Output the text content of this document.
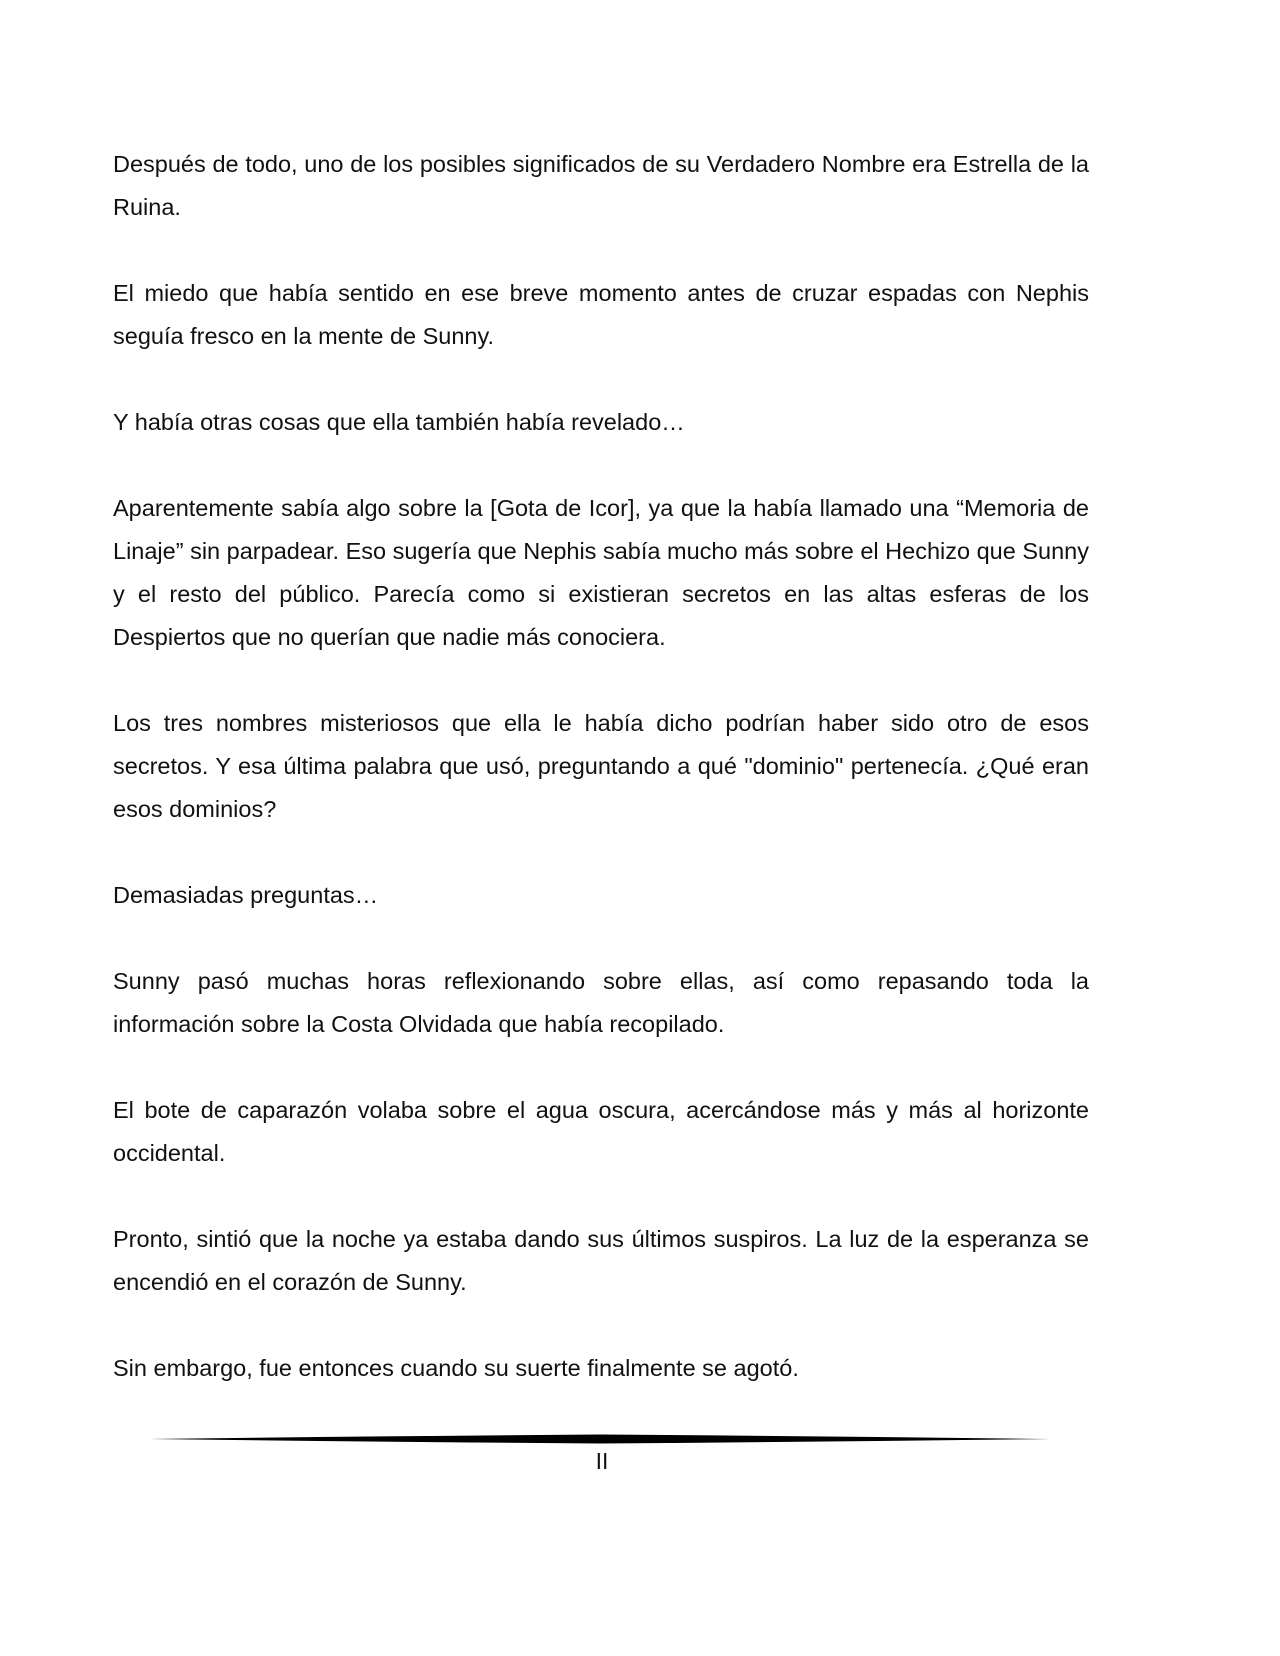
Después de todo, uno de los posibles significados de su Verdadero Nombre era Estrella de la Ruina.

El miedo que había sentido en ese breve momento antes de cruzar espadas con Nephis seguía fresco en la mente de Sunny.

Y había otras cosas que ella también había revelado…

Aparentemente sabía algo sobre la [Gota de Icor], ya que la había llamado una “Memoria de Linaje” sin parpadear. Eso sugería que Nephis sabía mucho más sobre el Hechizo que Sunny y el resto del público. Parecía como si existieran secretos en las altas esferas de los Despiertos que no querían que nadie más conociera.

Los tres nombres misteriosos que ella le había dicho podrían haber sido otro de esos secretos. Y esa última palabra que usó, preguntando a qué "dominio" pertenecía. ¿Qué eran esos dominios?

Demasiadas preguntas…

Sunny pasó muchas horas reflexionando sobre ellas, así como repasando toda la información sobre la Costa Olvidada que había recopilado.

El bote de caparazón volaba sobre el agua oscura, acercándose más y más al horizonte occidental.

Pronto, sintió que la noche ya estaba dando sus últimos suspiros. La luz de la esperanza se encendió en el corazón de Sunny.

Sin embargo, fue entonces cuando su suerte finalmente se agotó.

II
